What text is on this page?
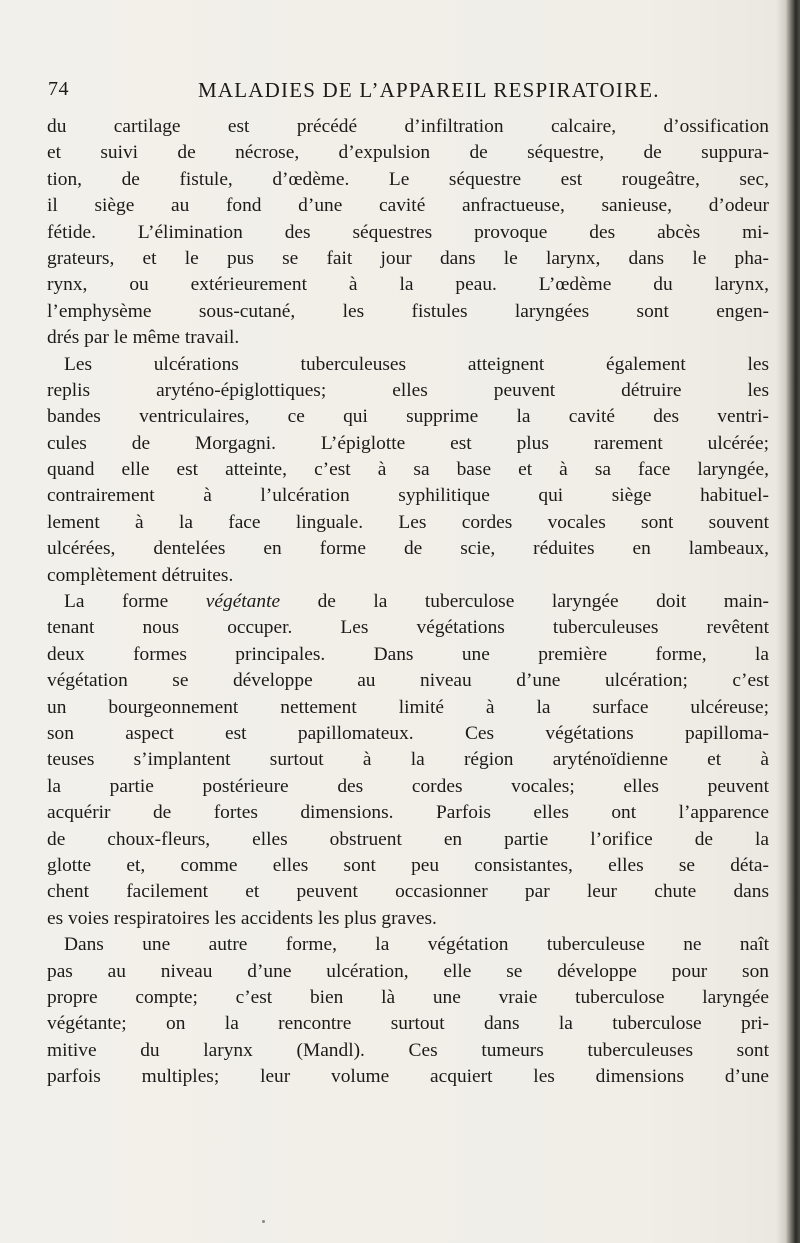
74	MALADIES DE L’APPAREIL RESPIRATOIRE.
du cartilage est précédé d’infiltration calcaire, d’ossification
et suivi de nécrose, d’expulsion de séquestre, de suppura-
tion, de fistule, d’œdème. Le séquestre est rougeâtre, sec,
il siège au fond d’une cavité anfractueuse, sanieuse, d’odeur
fétide. L’élimination des séquestres provoque des abcès mi-
grateurs, et le pus se fait jour dans le larynx, dans le pha-
rynx, ou extérieurement à la peau. L’œdème du larynx,
l’emphysème sous-cutané, les fistules laryngées sont engen-
drés par le même travail.
Les ulcérations tuberculeuses atteignent également les
replis aryténo-épiglottiques; elles peuvent détruire les
bandes ventriculaires, ce qui supprime la cavité des ventri-
cules de Morgagni. L’épiglotte est plus rarement ulcérée;
quand elle est atteinte, c’est à sa base et à sa face laryngée,
contrairement à l’ulcération syphilitique qui siège habituel-
lement à la face linguale. Les cordes vocales sont souvent
ulcérées, dentelées en forme de scie, réduites en lambeaux,
complètement détruites.
La forme végétante de la tuberculose laryngée doit main-
tenant nous occuper. Les végétations tuberculeuses revêtent
deux formes principales. Dans une première forme, la
végétation se développe au niveau d’une ulcération; c’est
un bourgeonnement nettement limité à la surface ulcéreuse;
son aspect est papillomateux. Ces végétations papilloma-
teuses s’implantent surtout à la région aryténoïdienne et à
la partie postérieure des cordes vocales; elles peuvent
acquérir de fortes dimensions. Parfois elles ont l’apparence
de choux-fleurs, elles obstruent en partie l’orifice de la
glotte et, comme elles sont peu consistantes, elles se déta-
chent facilement et peuvent occasionner par leur chute dans
es voies respiratoires les accidents les plus graves.
Dans une autre forme, la végétation tuberculeuse ne naît
pas au niveau d’une ulcération, elle se développe pour son
propre compte; c’est bien là une vraie tuberculose laryngée
végétante; on la rencontre surtout dans la tuberculose pri-
mitive du larynx (Mandl). Ces tumeurs tuberculeuses sont
parfois multiples; leur volume acquiert les dimensions d’une
